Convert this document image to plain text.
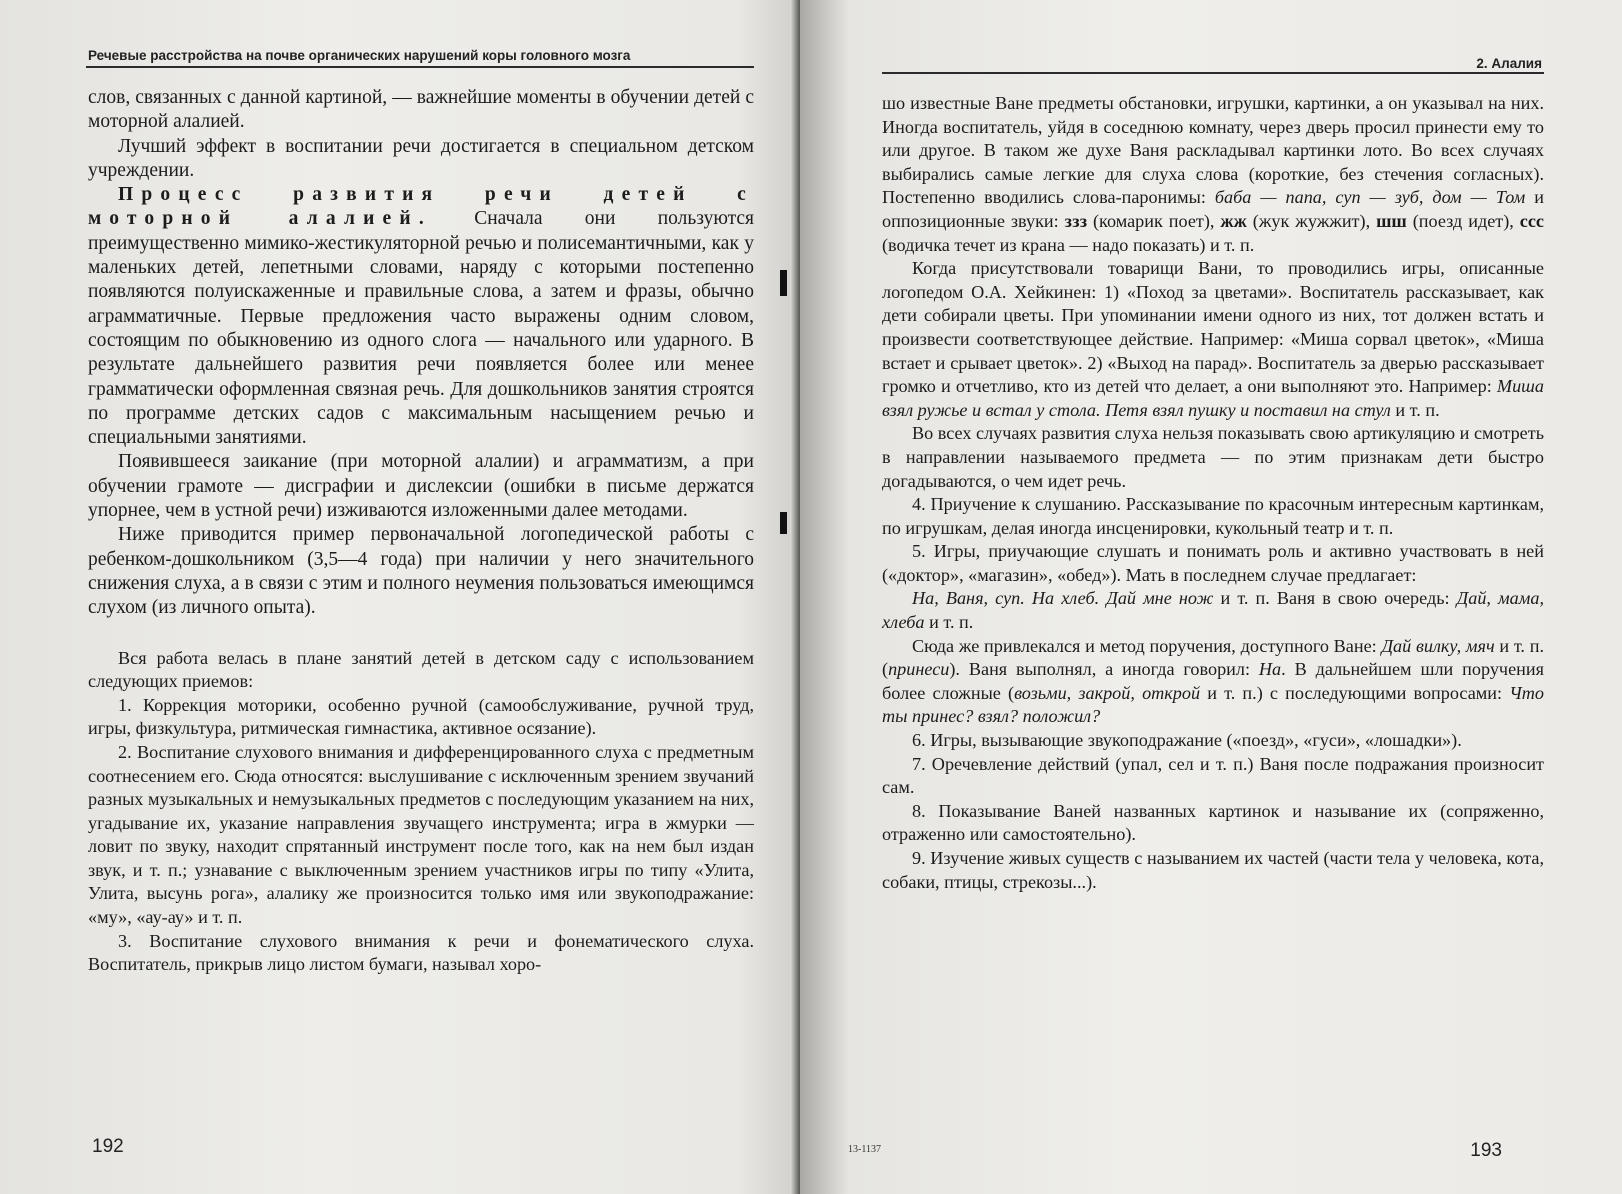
Речевые расстройства на почве органических нарушений коры головного мозга

слов, связанных с данной картиной, — важнейшие моменты в обучении детей с моторной алалией.

Лучший эффект в воспитании речи достигается в специальном детском учреждении.

Процесс развития речи детей с моторной алалией. Сначала они пользуются преимущественно мимико-жестикуляторной речью и полисемантичными, как у маленьких детей, лепетными словами, наряду с которыми постепенно появляются полуискаженные и правильные слова, а затем и фразы, обычно аграмматичные. Первые предложения часто выражены одним словом, состоящим по обыкновению из одного слога — начального или ударного. В результате дальнейшего развития речи появляется более или менее грамматически оформленная связная речь. Для дошкольников занятия строятся по программе детских садов с максимальным насыщением речью и специальными занятиями.

Появившееся заикание (при моторной алалии) и аграмматизм, а при обучении грамоте — дисграфии и дислексии (ошибки в письме держатся упорнее, чем в устной речи) изживаются изложенными далее методами.

Ниже приводится пример первоначальной логопедической работы с ребенком-дошкольником (3,5—4 года) при наличии у него значительного снижения слуха, а в связи с этим и полного неумения пользоваться имеющимся слухом (из личного опыта).

Вся работа велась в плане занятий детей в детском саду с использованием следующих приемов:

1. Коррекция моторики, особенно ручной (самообслуживание, ручной труд, игры, физкультура, ритмическая гимнастика, активное осязание).

2. Воспитание слухового внимания и дифференцированного слуха с предметным соотнесением его. Сюда относятся: выслушивание с исключенным зрением звучаний разных музыкальных и немузыкальных предметов с последующим указанием на них, угадывание их, указание направления звучащего инструмента; игра в жмурки — ловит по звуку, находит спрятанный инструмент после того, как на нем был издан звук, и т. п.; узнавание с выключенным зрением участников игры по типу «Улита, Улита, высунь рога», алалику же произносится только имя или звукоподражание: «му», «ау-ау» и т. п.

3. Воспитание слухового внимания к речи и фонематического слуха. Воспитатель, прикрыв лицо листом бумаги, называл хоро-

192
2. Алалия

шо известные Ване предметы обстановки, игрушки, картинки, а он указывал на них. Иногда воспитатель, уйдя в соседнюю комнату, через дверь просил принести ему то или другое. В таком же духе Ваня раскладывал картинки лото. Во всех случаях выбирались самые легкие для слуха слова (короткие, без стечения согласных). Постепенно вводились слова-паронимы: баба — папа, суп — зуб, дом — Том и оппозиционные звуки: ззз (комарик поет), жж (жук жужжит), шш (поезд идет), ссс (водичка течет из крана — надо показать) и т. п.

Когда присутствовали товарищи Вани, то проводились игры, описанные логопедом О.А. Хейкинен: 1) «Поход за цветами». Воспитатель рассказывает, как дети собирали цветы. При упоминании имени одного из них, тот должен встать и произвести соответствующее действие. Например: «Миша сорвал цветок», «Миша встает и срывает цветок». 2) «Выход на парад». Воспитатель за дверью рассказывает громко и отчетливо, кто из детей что делает, а они выполняют это. Например: Миша взял ружье и встал у стола. Петя взял пушку и поставил на стул и т. п.

Во всех случаях развития слуха нельзя показывать свою артикуляцию и смотреть в направлении называемого предмета — по этим признакам дети быстро догадываются, о чем идет речь.

4. Приучение к слушанию. Рассказывание по красочным интересным картинкам, по игрушкам, делая иногда инсценировки, кукольный театр и т. п.

5. Игры, приучающие слушать и понимать роль и активно участвовать в ней («доктор», «магазин», «обед»). Мать в последнем случае предлагает:

На, Ваня, суп. На хлеб. Дай мне нож и т. п. Ваня в свою очередь: Дай, мама, хлеба и т. п.

Сюда же привлекался и метод поручения, доступного Ване: Дай вилку, мяч и т. п. (принеси). Ваня выполнял, а иногда говорил: На. В дальнейшем шли поручения более сложные (возьми, закрой, открой и т. п.) с последующими вопросами: Что ты принес? взял? положил?

6. Игры, вызывающие звукоподражание («поезд», «гуси», «лошадки»).

7. Оречевление действий (упал, сел и т. п.) Ваня после подражания произносит сам.

8. Показывание Ваней названных картинок и называние их (сопряженно, отраженно или самостоятельно).

9. Изучение живых существ с называнием их частей (части тела у человека, кота, собаки, птицы, стрекозы...).

13-1137	193
